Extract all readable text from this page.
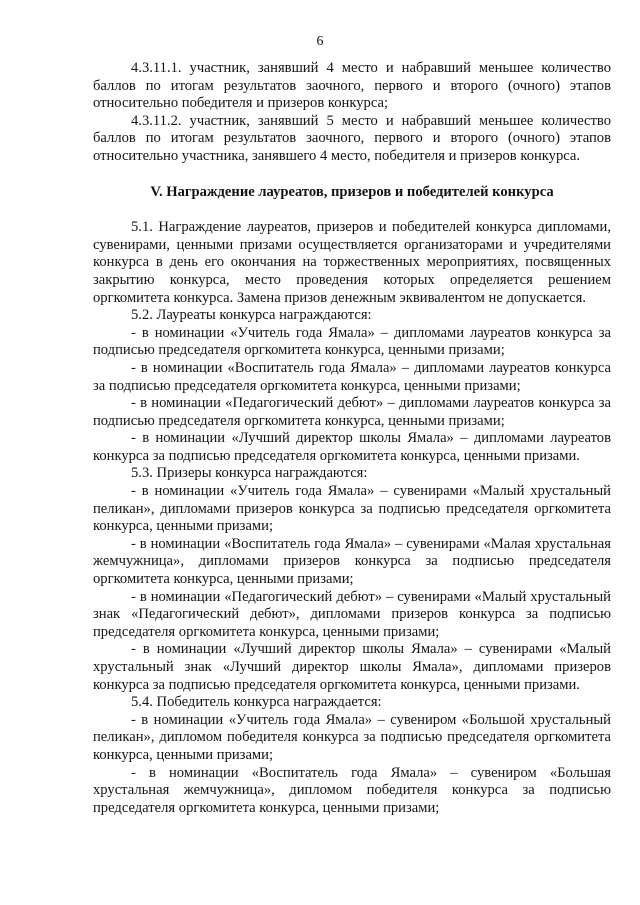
6

4.3.11.1. участник, занявший 4 место и набравший меньшее количество баллов по итогам результатов заочного, первого и второго (очного) этапов относительно победителя и призеров конкурса;

4.3.11.2. участник, занявший 5 место и набравший меньшее количество баллов по итогам результатов заочного, первого и второго (очного) этапов относительно участника, занявшего 4 место, победителя и призеров конкурса.

V. Награждение лауреатов, призеров и победителей конкурса

5.1. Награждение лауреатов, призеров и победителей конкурса дипломами, сувенирами, ценными призами осуществляется организаторами и учредителями конкурса в день его окончания на торжественных мероприятиях, посвященных закрытию конкурса, место проведения которых определяется решением оргкомитета конкурса. Замена призов денежным эквивалентом не допускается.

5.2. Лауреаты конкурса награждаются:

- в номинации «Учитель года Ямала» – дипломами лауреатов конкурса за подписью председателя оргкомитета конкурса, ценными призами;

- в номинации «Воспитатель года Ямала» – дипломами лауреатов конкурса за подписью председателя оргкомитета конкурса, ценными призами;

- в номинации «Педагогический дебют» – дипломами лауреатов конкурса за подписью председателя оргкомитета конкурса, ценными призами;

- в номинации «Лучший директор школы Ямала» – дипломами лауреатов конкурса за подписью председателя оргкомитета конкурса, ценными призами.

5.3. Призеры конкурса награждаются:

- в номинации «Учитель года Ямала» – сувенирами «Малый хрустальный пеликан», дипломами призеров конкурса за подписью председателя оргкомитета конкурса, ценными призами;

- в номинации «Воспитатель года Ямала» – сувенирами «Малая хрустальная жемчужница», дипломами призеров конкурса за подписью председателя оргкомитета конкурса, ценными призами;

- в номинации «Педагогический дебют» – сувенирами «Малый хрустальный знак «Педагогический дебют», дипломами призеров конкурса за подписью председателя оргкомитета конкурса, ценными призами;

- в номинации «Лучший директор школы Ямала» – сувенирами «Малый хрустальный знак «Лучший директор школы Ямала», дипломами призеров конкурса за подписью председателя оргкомитета конкурса, ценными призами.

5.4. Победитель конкурса награждается:

- в номинации «Учитель года Ямала» – сувениром «Большой хрустальный пеликан», дипломом победителя конкурса за подписью председателя оргкомитета конкурса, ценными призами;

- в номинации «Воспитатель года Ямала» – сувениром «Большая хрустальная жемчужница», дипломом победителя конкурса за подписью председателя оргкомитета конкурса, ценными призами;
